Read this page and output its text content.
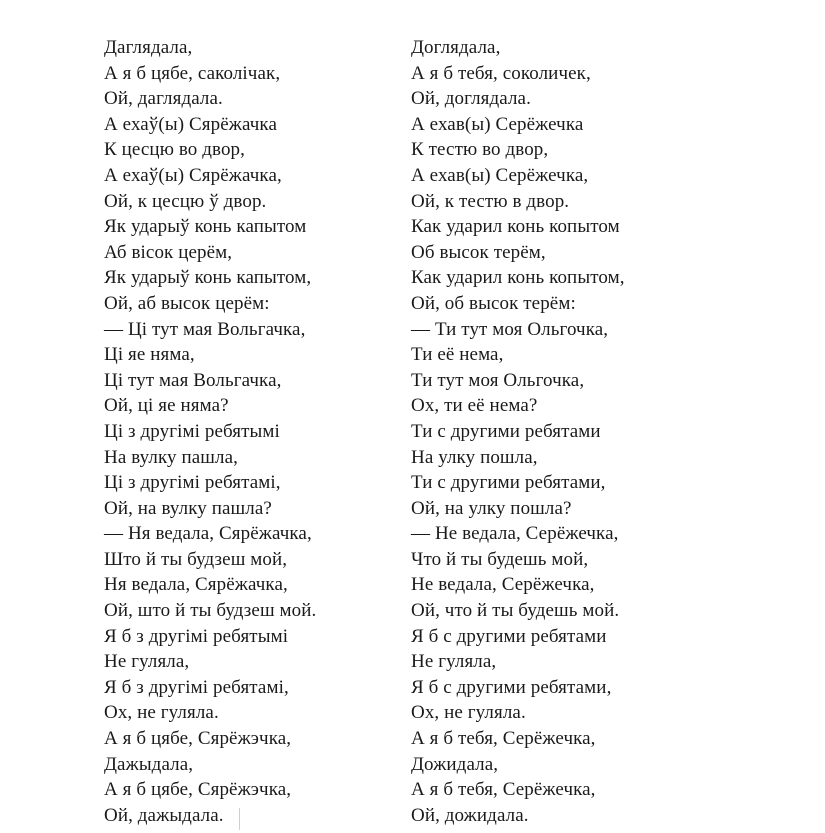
Даглядала,
А я б цябе, саколічак,
Ой, даглядала.
А ехаў(ы) Сярёжачка
К цесцю во двор,
А ехаў(ы) Сярёжачка,
Ой, к цесцю ў двор.
Як ударыў конь капытом
Аб вісок церём,
Як ударыў конь капытом,
Ой, аб высок церём:
— Ці тут мая Вольгачка,
Ці яе няма,
Ці тут мая Вольгачка,
Ой, ці яе няма?
Ці з другімі ребятымі
На вулку пашла,
Ці з другімі ребятамі,
Ой, на вулку пашла?
— Ня ведала, Сярёжачка,
Што й ты будзеш мой,
Ня ведала, Сярёжачка,
Ой, што й ты будзеш мой.
Я б з другімі ребятымі
Не гуляла,
Я б з другімі ребятамі,
Ох, не гуляла.
А я б цябе, Сярёжэчка,
Дажыдала,
А я б цябе, Сярёжэчка,
Ой, дажыдала.
Доглядала,
А я б тебя, соколичек,
Ой, доглядала.
А ехав(ы) Серёжечка
К тестю во двор,
А ехав(ы) Серёжечка,
Ой, к тестю в двор.
Как ударил конь копытом
Об высок терём,
Как ударил конь копытом,
Ой, об высок терём:
— Ти тут моя Ольгочка,
Ти её нема,
Ти тут моя Ольгочка,
Ох, ти её нема?
Ти с другими ребятами
На улку пошла,
Ти с другими ребятами,
Ой, на улку пошла?
— Не ведала, Серёжечка,
Что й ты будешь мой,
Не ведала, Серёжечка,
Ой, что й ты будешь мой.
Я б с другими ребятами
Не гуляла,
Я б с другими ребятами,
Ох, не гуляла.
А я б тебя, Серёжечка,
Дожидала,
А я б тебя, Серёжечка,
Ой, дожидала.
